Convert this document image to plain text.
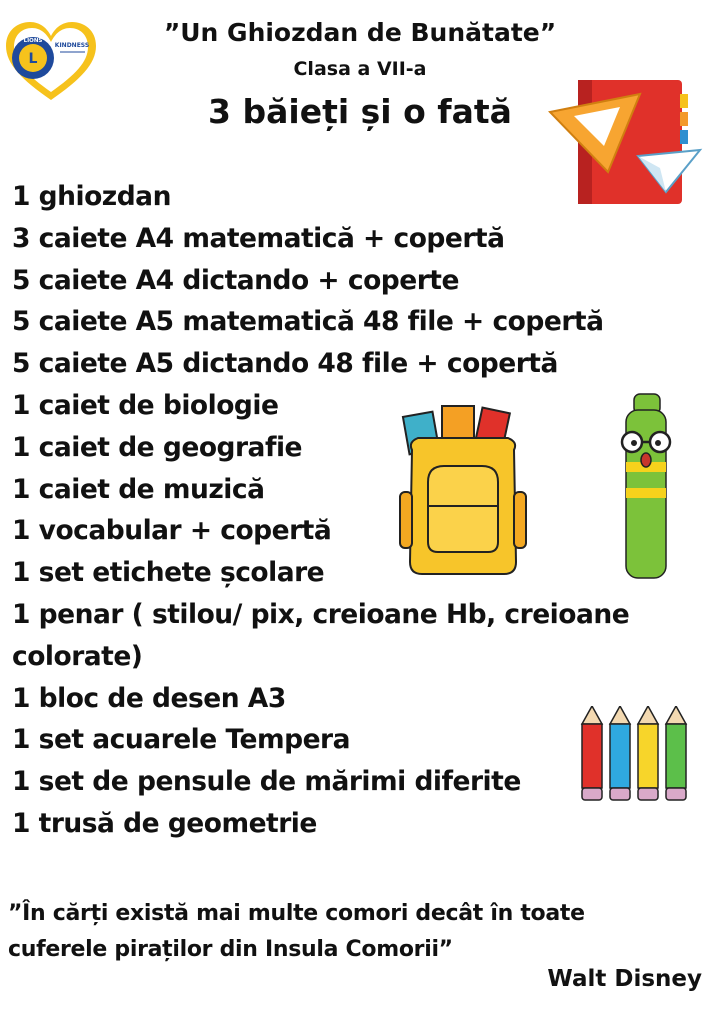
L
LIONS
KINDNESS	”Un Ghiozdan de Bunătate”
Clasa a VII-a
3 băieți și o fată
1 ghiozdan
3 caiete A4 matematică + copertă
5 caiete A4 dictando + coperte
5 caiete A5 matematică 48 file + copertă
5 caiete A5 dictando 48 file + copertă
1 caiet de biologie
1 caiet de geografie
1 caiet de muzică
1 vocabular + copertă
1 set etichete școlare
1 penar ( stilou/ pix, creioane Hb, creioane
colorate)
1 bloc de desen A3
1 set acuarele Tempera
1 set de pensule de mărimi diferite
1 trusă de geometrie
”În cărți există mai multe comori decât în toate
cuferele piraților din Insula Comorii”
Walt Disney
